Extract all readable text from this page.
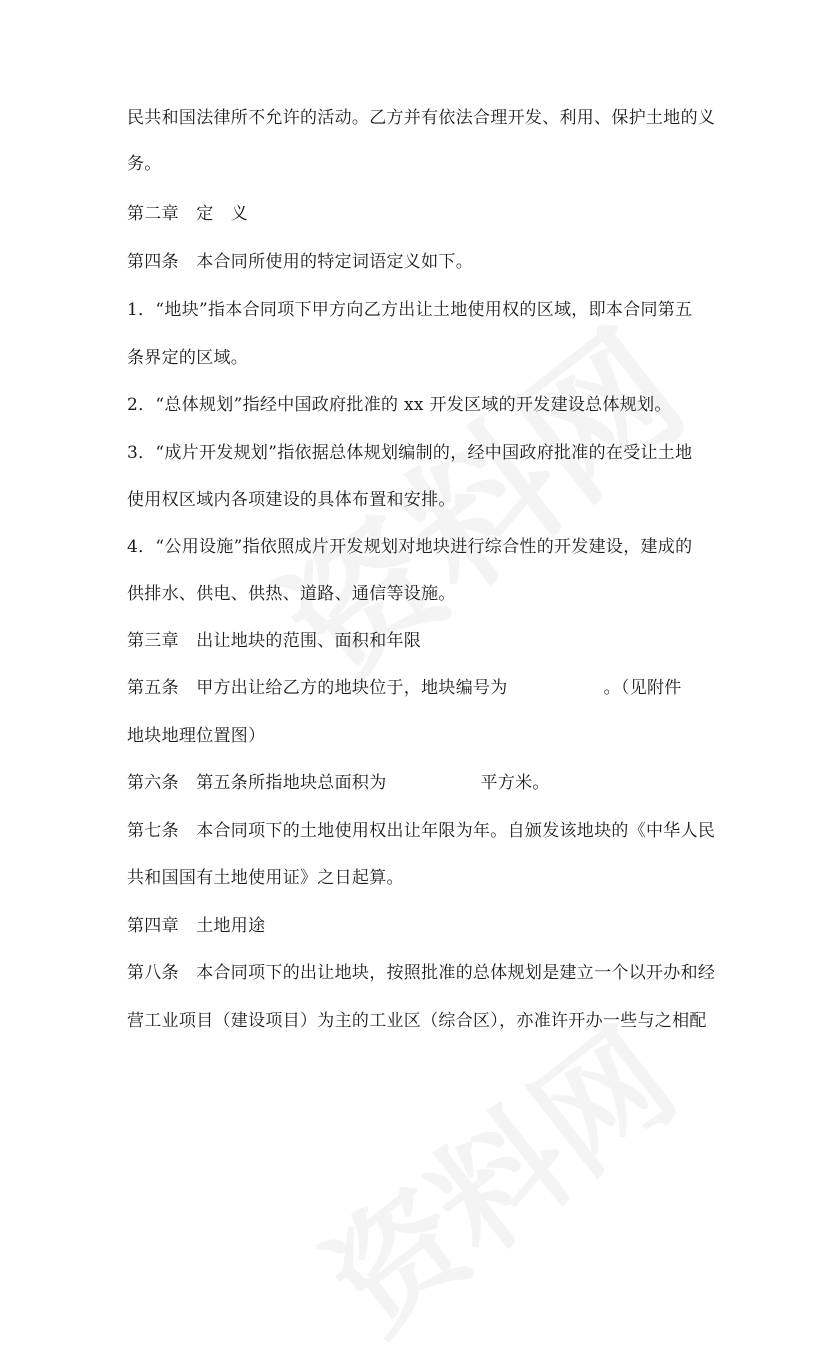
民共和国法律所不允许的活动。乙方并有依法合理开发、利用、保护土地的义
务。
第二章　定　义
第四条　本合同所使用的特定词语定义如下。
1．“地块”指本合同项下甲方向乙方出让土地使用权的区域，即本合同第五
条界定的区域。
2．“总体规划”指经中国政府批准的 xx 开发区域的开发建设总体规划。
3．“成片开发规划”指依据总体规划编制的，经中国政府批准的在受让土地
使用权区域内各项建设的具体布置和安排。
4．“公用设施”指依照成片开发规划对地块进行综合性的开发建设，建成的
供排水、供电、供热、道路、通信等设施。
第三章　出让地块的范围、面积和年限
第五条　甲方出让给乙方的地块位于，地块编号为	。（见附件
地块地理位置图）
第六条　第五条所指地块总面积为	平方米。
第七条　本合同项下的土地使用权出让年限为年。自颁发该地块的《中华人民
共和国国有土地使用证》之日起算。
第四章　土地用途
第八条　本合同项下的出让地块，按照批准的总体规划是建立一个以开办和经
营工业项目（建设项目）为主的工业区（综合区），亦准许开办一些与之相配
